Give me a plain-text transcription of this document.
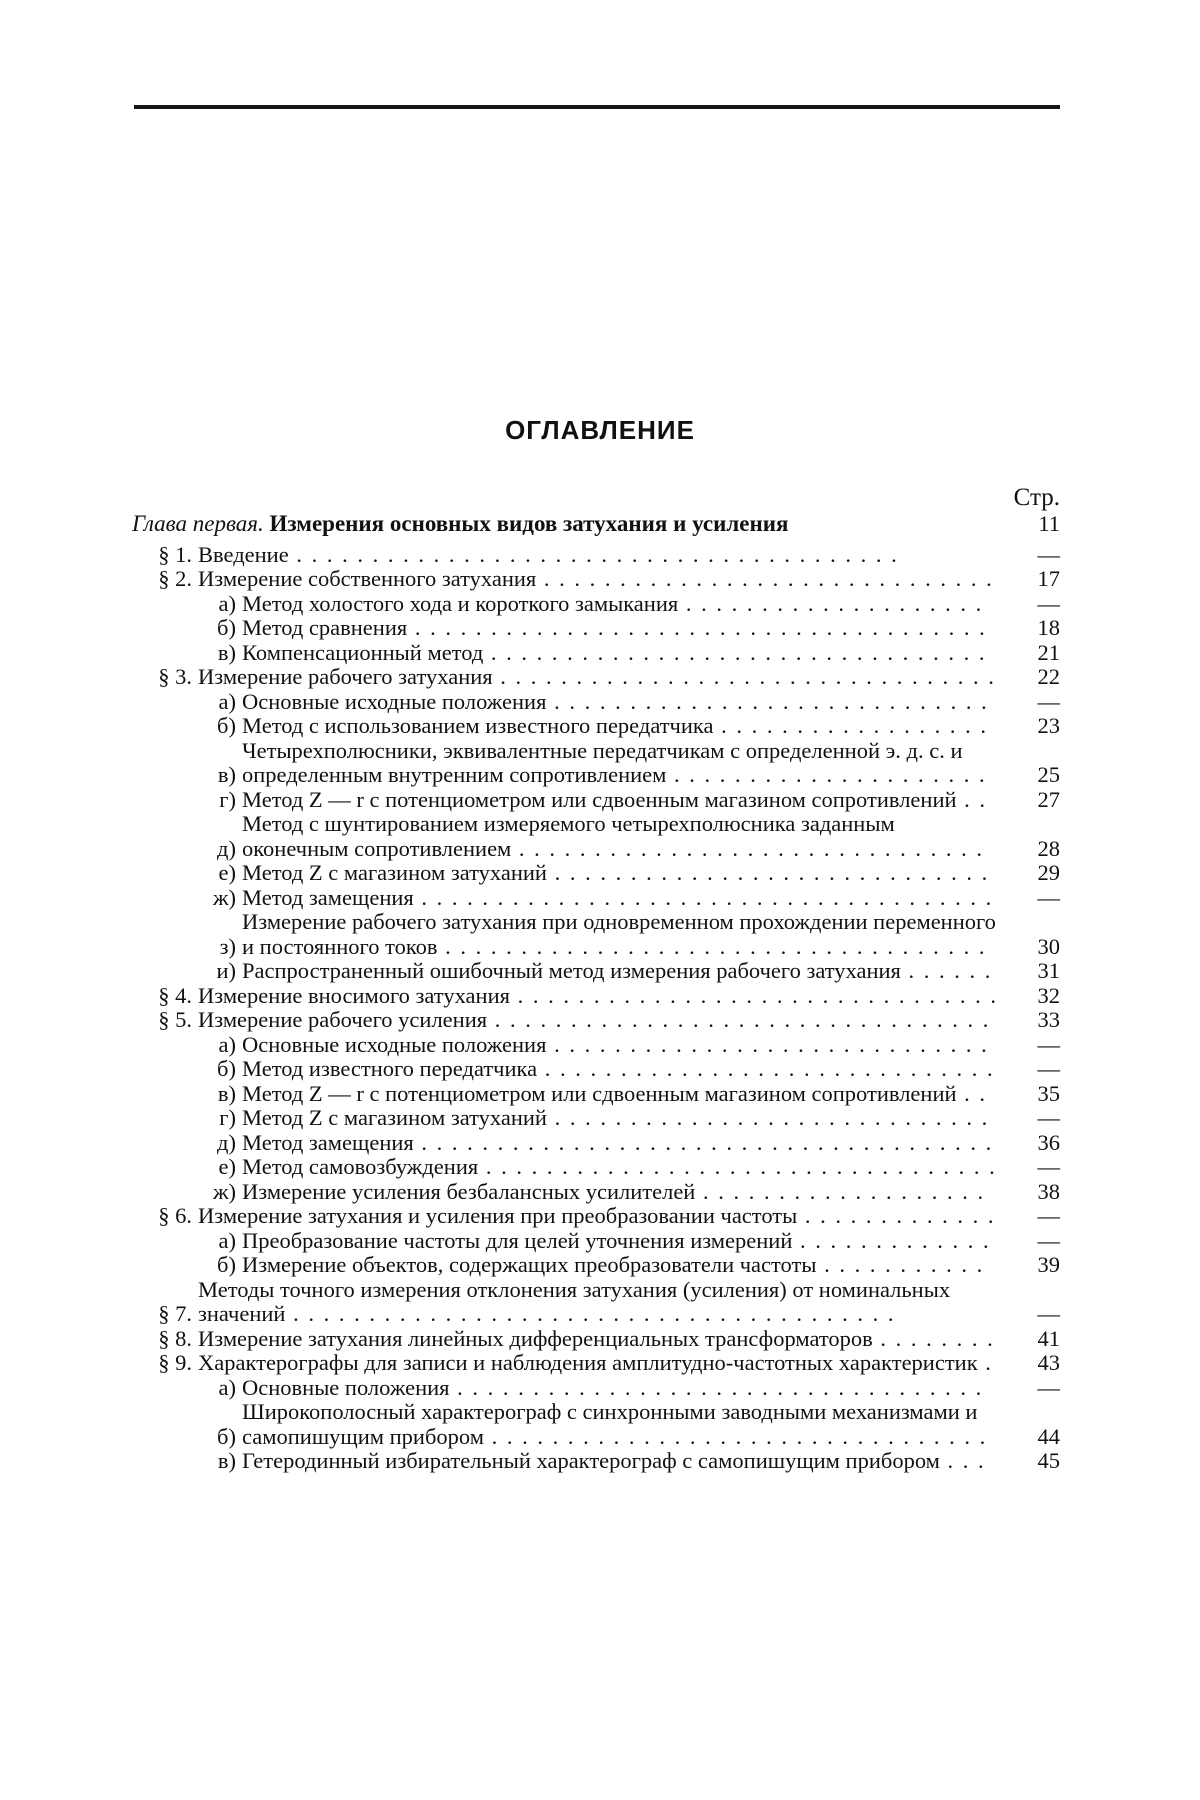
ОГЛАВЛЕНИЕ
Стр.
Глава первая. Измерения основных видов затухания и усиления	11
§ 1. Введение . . . . . . . . . . . . . . . . . . . . . . . . . . . . . . . . . . . . . . . .	—
§ 2. Измерение собственного затухания . . . . . . . . . . . . . . . . . . . . . . . . . . . . . .	17
а) Метод холостого хода и короткого замыкания . . . . . . . . . . . . . . . . . . . .	—
б) Метод сравнения . . . . . . . . . . . . . . . . . . . . . . . . . . . . . . . . . . . . . .	18
в) Компенсационный метод . . . . . . . . . . . . . . . . . . . . . . . . . . . . . . . . .	21
§ 3. Измерение рабочего затухания . . . . . . . . . . . . . . . . . . . . . . . . . . . . . . . . .	22
а) Основные исходные положения . . . . . . . . . . . . . . . . . . . . . . . . . . . . .	—
б) Метод с использованием известного передатчика . . . . . . . . . . . . . . . . . .	23
в)
Четырехполюсники, эквивалентные передатчикам с определенной э. д. с. и определенным внутренним сопротивлением . . . . . . . . . . . . . . . . . . . . .	25
г) Метод Z — r с потенциометром или сдвоенным магазином сопротивлений . .	27
д)
Метод с шунтированием измеряемого четырехполюсника заданным оконечным сопротивлением . . . . . . . . . . . . . . . . . . . . . . . . . . . . . . .	28
е) Метод Z с магазином затуханий . . . . . . . . . . . . . . . . . . . . . . . . . . . . .	29
ж) Метод замещения . . . . . . . . . . . . . . . . . . . . . . . . . . . . . . . . . . . . . .	—
з)
Измерение рабочего затухания при одновременном прохождении переменного и постоянного токов . . . . . . . . . . . . . . . . . . . . . . . . . . . . . . . . . . . .	30
и) Распространенный ошибочный метод измерения рабочего затухания . . . . . .	31
§ 4. Измерение вносимого затухания . . . . . . . . . . . . . . . . . . . . . . . . . . . . . . . .	32
§ 5. Измерение рабочего усиления . . . . . . . . . . . . . . . . . . . . . . . . . . . . . . . . .	33
а) Основные исходные положения . . . . . . . . . . . . . . . . . . . . . . . . . . . . .	—
б) Метод известного передатчика . . . . . . . . . . . . . . . . . . . . . . . . . . . . . .	—
в) Метод Z — r с потенциометром или сдвоенным магазином сопротивлений . .	35
г) Метод Z с магазином затуханий . . . . . . . . . . . . . . . . . . . . . . . . . . . . .	—
д) Метод замещения . . . . . . . . . . . . . . . . . . . . . . . . . . . . . . . . . . . . . .	36
е) Метод самовозбуждения . . . . . . . . . . . . . . . . . . . . . . . . . . . . . . . . . .	—
ж) Измерение усиления безбалансных усилителей . . . . . . . . . . . . . . . . . . .	38
§ 6. Измерение затухания и усиления при преобразовании частоты . . . . . . . . . . . . .	—
а) Преобразование частоты для целей уточнения измерений . . . . . . . . . . . . .	—
б) Измерение объектов, содержащих преобразователи частоты . . . . . . . . . . .	39
§ 7.
Методы точного измерения отклонения затухания (усиления) от номинальных значений . . . . . . . . . . . . . . . . . . . . . . . . . . . . . . . . . . . . . . . .	—
§ 8. Измерение затухания линейных дифференциальных трансформаторов . . . . . . . .	41
§ 9. Характерографы для записи и наблюдения амплитудно-частотных характеристик .	43
а) Основные положения . . . . . . . . . . . . . . . . . . . . . . . . . . . . . . . . . . .	—
б)
Широкополосный характерограф с синхронными заводными механизмами и самопишущим прибором . . . . . . . . . . . . . . . . . . . . . . . . . . . . . . . . .	44
в) Гетеродинный избирательный характерограф с самопишущим прибором . . .	45
